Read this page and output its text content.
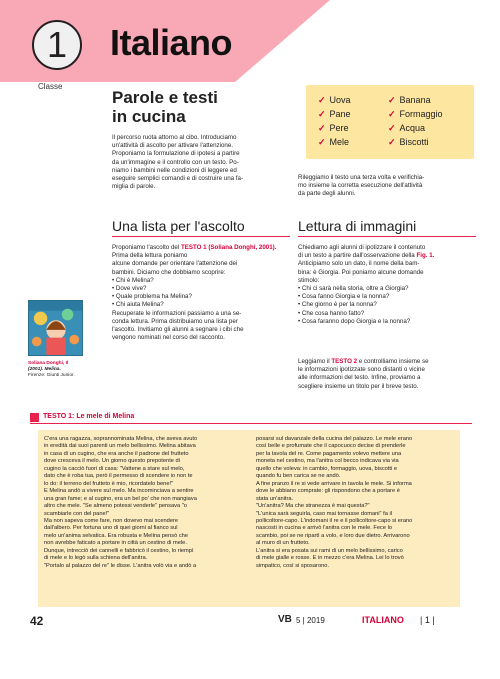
1
Classe
Italiano
Parole e testi
in cucina
Il percorso ruota attorno al cibo. Introduciamo
un'attività di ascolto per attivare l'attenzione.
Proponiamo la formulazione di ipotesi a partire
da un'immagine e il controllo con un testo. Po-
niamo i bambini nelle condizioni di leggere ed
eseguire semplici comandi e di costruire una fa-
miglia di parole.
✓ Uova
✓ Pane
✓ Pere
✓ Mele
✓ Banana
✓ Formaggio
✓ Acqua
✓ Biscotti
Rileggiamo il testo una terza volta e verifichia-
mo insieme la corretta esecuzione dell'attività
da parte degli alunni.
Una lista per l'ascolto
Proponiamo l'ascolto del TESTO 1 (Soliana Donghi, 2001).
Prima della lettura poniamo
alcune domande per orientare l'attenzione dei
bambini. Diciamo che dobbiamo scoprire:
• Chi è Melina?
• Dove vive?
• Quale problema ha Melina?
• Chi aiuta Melina?
Recuperate le informazioni passiamo a una se-
conda lettura. Prima distribuiamo una lista per
l'ascolto. Invitiamo gli alunni a segnare i cibi che
vengono nominati nel corso del racconto.
Soliana Donghi, Il
(2001). Melina.
Firenze: Giunti Junior.
Lettura di immagini
Chiediamo agli alunni di ipotizzare il contenuto
di un testo a partire dall'osservazione della Fig. 1.
Anticipiamo solo un dato, il nome della bam-
bina: è Giorgia. Poi poniamo alcune domande
stimolo:
• Chi ci sarà nella storia, oltre a Giorgia?
• Cosa fanno Giorgia e la nonna?
• Che giorno è per la nonna?
• Che cosa hanno fatto?
• Cosa faranno dopo Giorgia e la nonna?
Leggiamo il TESTO 2 e controlliamo insieme se
le informazioni ipotizzate sono distanti o vicine
alle informazioni del testo. Infine, proviamo a
scegliere insieme un titolo per il breve testo.
TESTO 1: Le mele di Melina
C'era una ragazza, soprannominata Melina, che aveva avuto
in eredità dai suoi parenti un melo bellissimo. Melina abitava
in casa di un cugino, che era anche il padrone del frutteto
dove cresceva il melo. Un giorno questo prepotente di
cugino la cacciò fuori di casa: "Vattene a stare sul melo,
dato che è roba tua, però il permesso di scendere io non te
lo do: il terreno del frutteto è mio, ricordatelo bene!"
E Melina andò a vivere sul melo. Ma incominciava a sentire
una gran fame; e al cugino, era un bel po' che non mangiava
altro che mele. "Se almeno potessi venderle" pensava "o
scambiarle con del pane!"
Ma non sapeva come fare, non dovevo mai scendere
dall'albero. Per fortuna uno di quei giorni al fianco sul
melo un'anima selvatica. Era robusta e Melina pensò che
non avrebbe faticato a portare in città un cestino di mele.
Dunque, intrecciò dei cannelli e fabbricò il cestino, lo riempì
di mele e lo legò sulla schiena dell'anitra.
"Portalo al palazzo del re" le disse. L'anitra volò via e andò a
posarsi sul davanzale della cucina del palazzo. Le mele erano
così belle e profumate che il capocuoco decise di prenderle
per la tavola del re. Come pagamento volevo mettere una
moneta nel cestino, ma l'anitra col becco indicava via via
quello che voleva: in cambio, formaggio, uova, biscotti e
quando fu ben carica se ne andò.
A fine pranzo il re si vede arrivare in tavola le mele. Si informa
dove le abbiano comprate: gli rispondono che a portare è
stata un'anitra.
"Un'anitra? Ma che stranezza è mai questa?"
"L'unica sarà seguirla, caso mai tornasse domani" fa il
pollicoltore-capo. L'indomani il re e il pollicoltore-capo si erano
nascosti in cucina e arrivò l'anitra con le mele. Fece lo
scambio, poi se ne ripartì a volo, e loro due dietro. Arrivarono
al muro di un frutteto.
L'anitra si era posata sui rami di un melo bellissimo, carico
di mele gialle e rosse. E in mezzo c'era Melina. Lei lo trovò
simpatico, così si sposarono.
42	VB 5 | 2019	ITALIANO | 1 |
